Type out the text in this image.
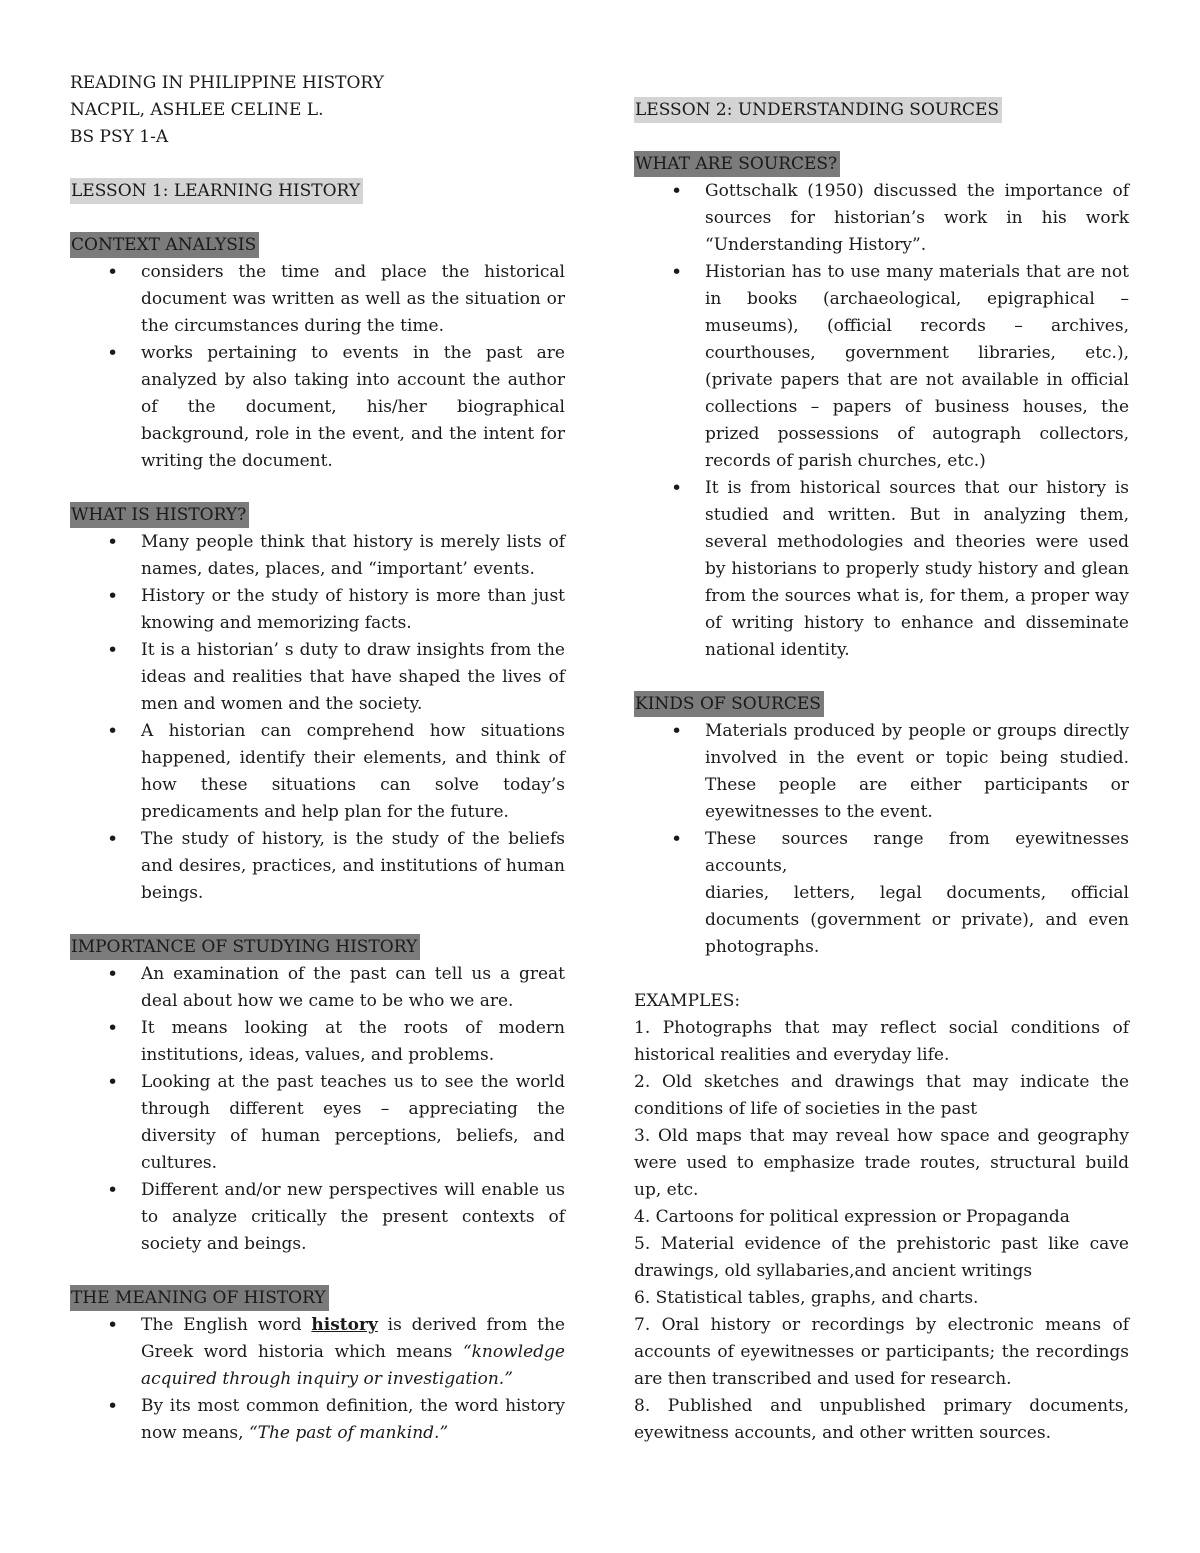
READING IN PHILIPPINE HISTORY
NACPIL, ASHLEE CELINE L.
BS PSY 1-A
LESSON 1: LEARNING HISTORY
CONTEXT ANALYSIS
• considers the time and place the historical document was written as well as the situation or the circumstances during the time.
• works pertaining to events in the past are analyzed by also taking into account the author of the document, his/her biographical background, role in the event, and the intent for writing the document.
WHAT IS HISTORY?
• Many people think that history is merely lists of names, dates, places, and “important’ events.
• History or the study of history is more than just knowing and memorizing facts.
• It is a historian’ s duty to draw insights from the ideas and realities that have shaped the lives of men and women and the society.
• A historian can comprehend how situations happened, identify their elements, and think of how these situations can solve today’s predicaments and help plan for the future.
• The study of history, is the study of the beliefs and desires, practices, and institutions of human beings.
IMPORTANCE OF STUDYING HISTORY
• An examination of the past can tell us a great deal about how we came to be who we are.
• It means looking at the roots of modern institutions, ideas, values, and problems.
• Looking at the past teaches us to see the world through different eyes – appreciating the diversity of human perceptions, beliefs, and cultures.
• Different and/or new perspectives will enable us to analyze critically the present contexts of society and beings.
THE MEANING OF HISTORY
• The English word history is derived from the Greek word historia which means “knowledge acquired through inquiry or investigation.”
• By its most common definition, the word history now means, “The past of mankind.”
LESSON 2: UNDERSTANDING SOURCES
WHAT ARE SOURCES?
• Gottschalk (1950) discussed the importance of sources for historian’s work in his work “Understanding History”.
• Historian has to use many materials that are not in books (archaeological, epigraphical – museums), (official records – archives, courthouses, government libraries, etc.), (private papers that are not available in official collections – papers of business houses, the prized possessions of autograph collectors, records of parish churches, etc.)
• It is from historical sources that our history is studied and written. But in analyzing them, several methodologies and theories were used by historians to properly study history and glean from the sources what is, for them, a proper way of writing history to enhance and disseminate national identity.
KINDS OF SOURCES
• Materials produced by people or groups directly involved in the event or topic being studied. These people are either participants or eyewitnesses to the event.
• These sources range from eyewitnesses accounts,
diaries, letters, legal documents, official documents (government or private), and even photographs.
EXAMPLES:
1. Photographs that may reflect social conditions of historical realities and everyday life.
2. Old sketches and drawings that may indicate the conditions of life of societies in the past
3. Old maps that may reveal how space and geography were used to emphasize trade routes, structural build up, etc.
4. Cartoons for political expression or Propaganda
5. Material evidence of the prehistoric past like cave drawings, old syllabaries,and ancient writings
6. Statistical tables, graphs, and charts.
7. Oral history or recordings by electronic means of accounts of eyewitnesses or participants; the recordings are then transcribed and used for research.
8. Published and unpublished primary documents, eyewitness accounts, and other written sources.
